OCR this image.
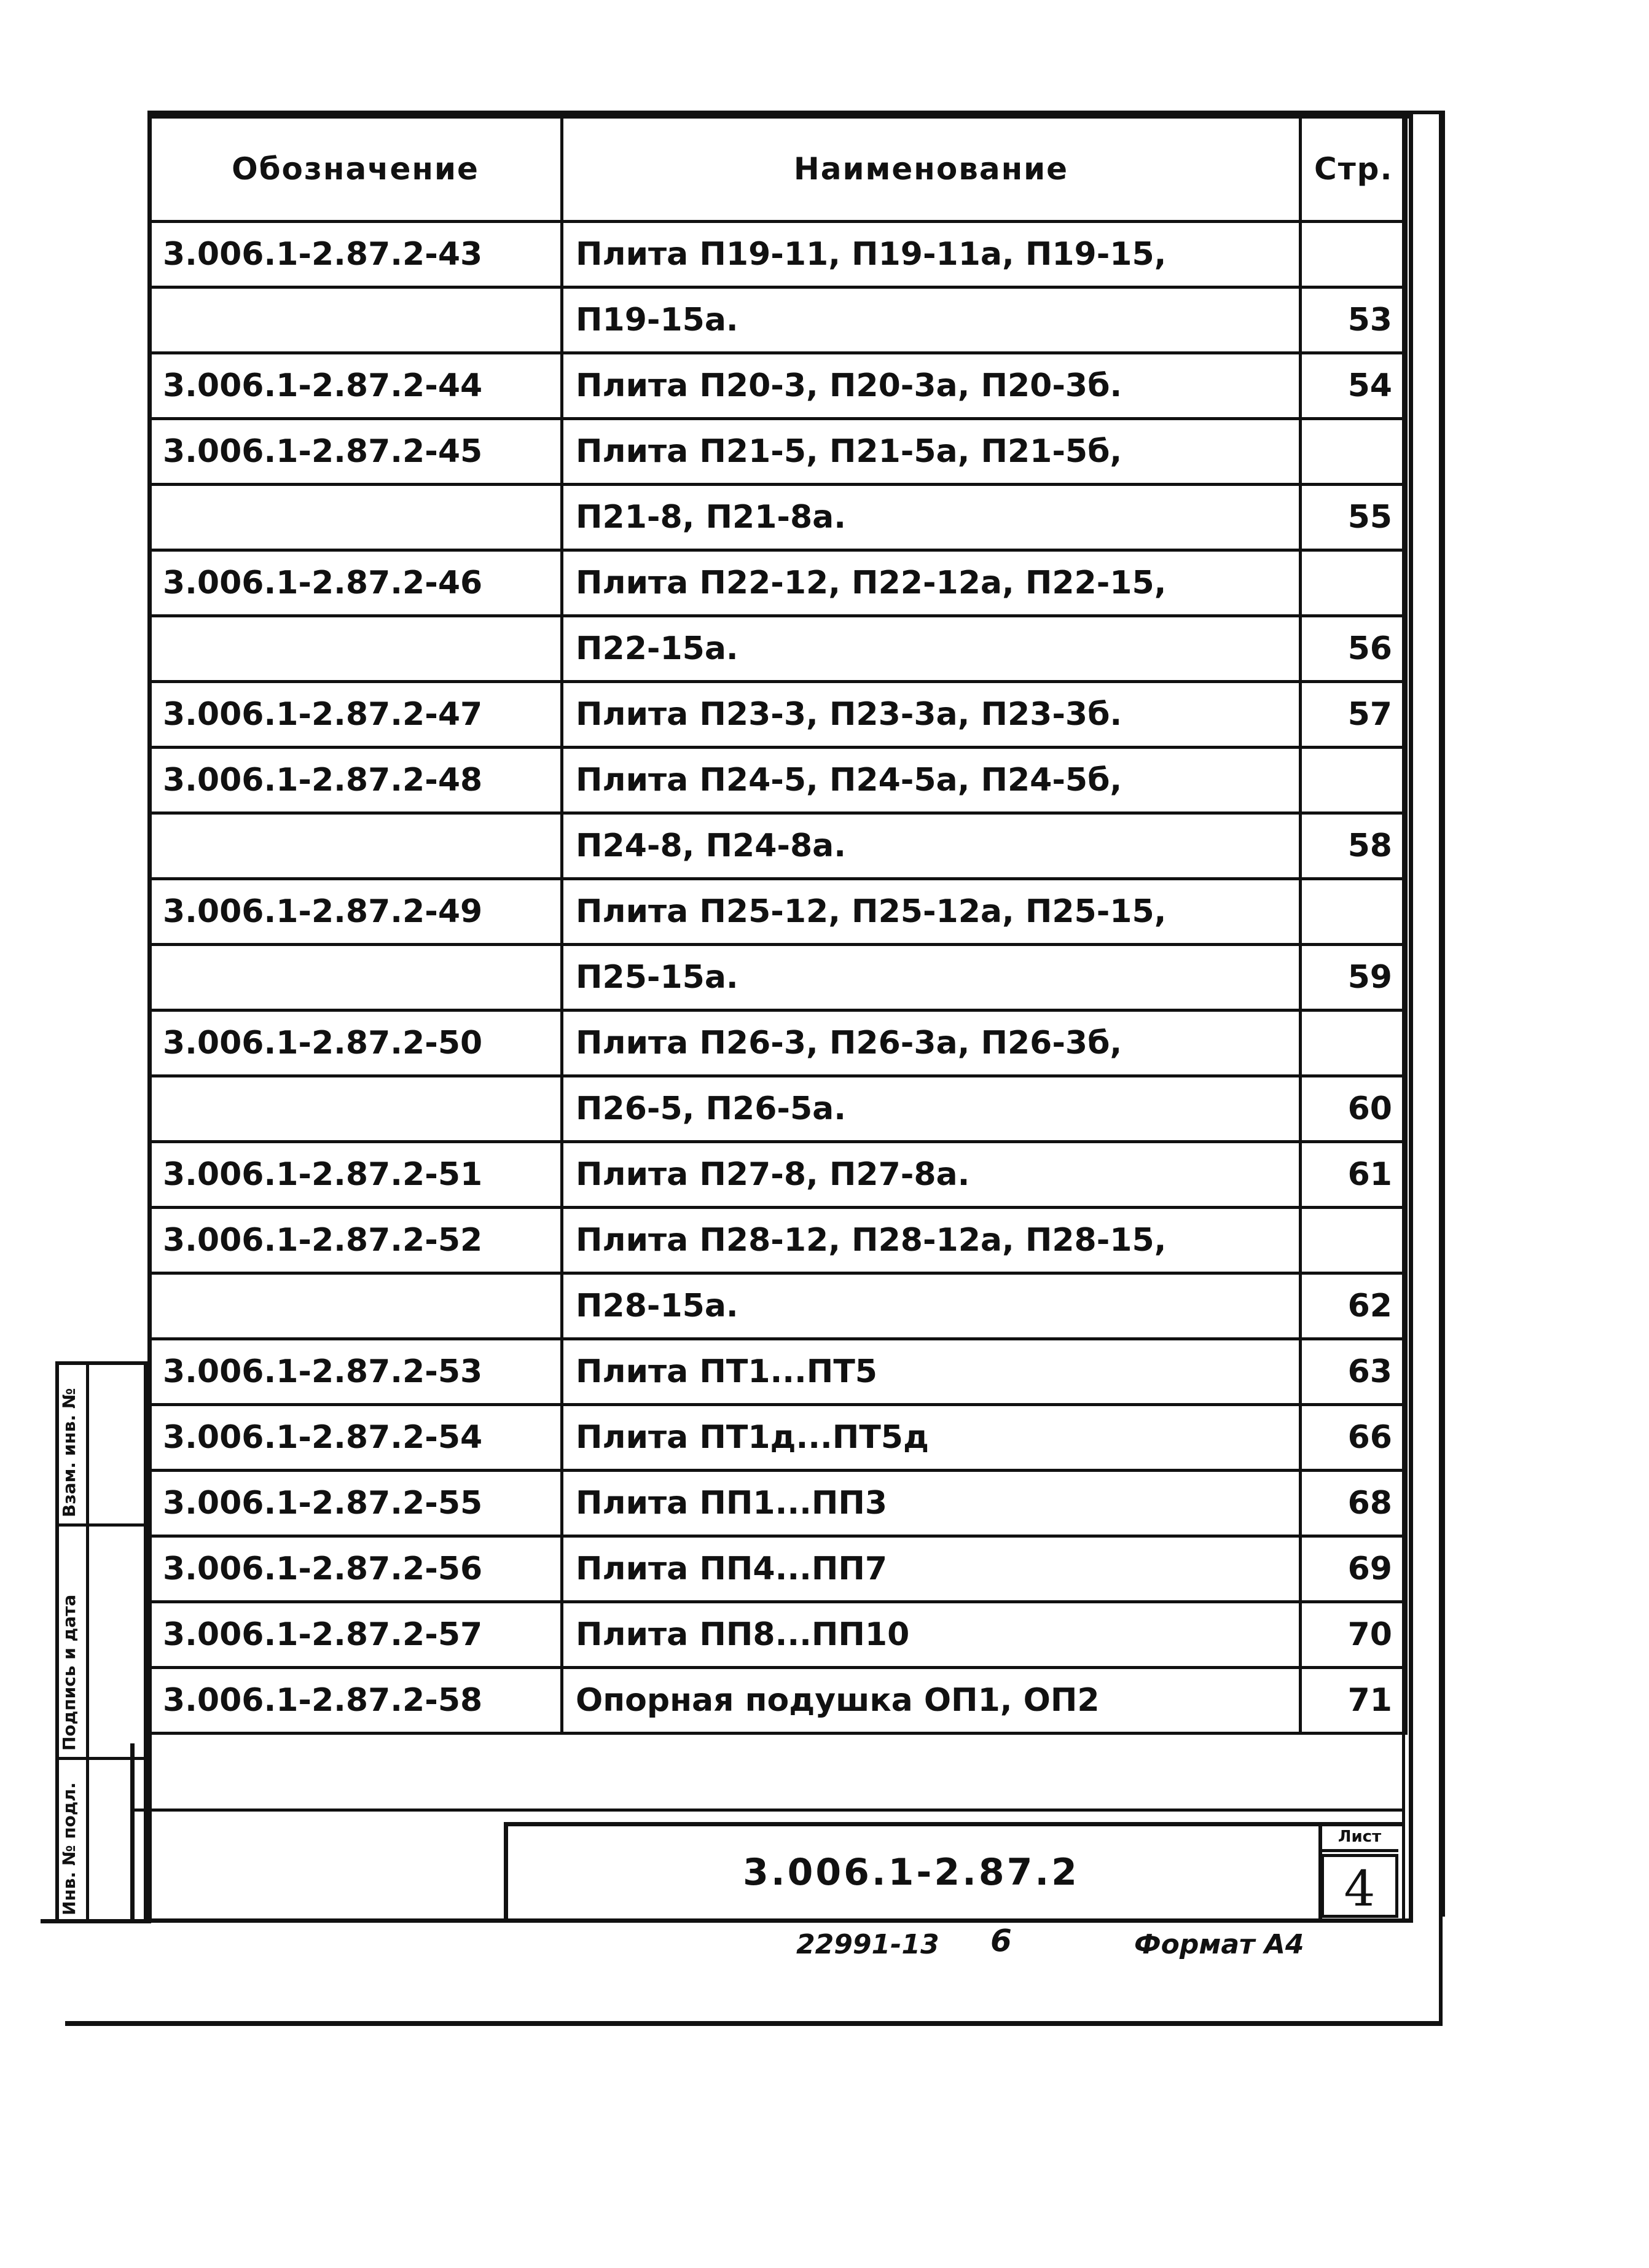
Обозначение	Наименование	Стр.
3.006.1-2.87.2-43	Плита П19-11, П19-11а, П19-15,	
	П19-15а.	53
3.006.1-2.87.2-44	Плита П20-3, П20-3а, П20-3б.	54
3.006.1-2.87.2-45	Плита П21-5, П21-5а, П21-5б,	
	П21-8, П21-8а.	55
3.006.1-2.87.2-46	Плита П22-12, П22-12а, П22-15,	
	П22-15а.	56
3.006.1-2.87.2-47	Плита П23-3, П23-3а, П23-3б.	57
3.006.1-2.87.2-48	Плита П24-5, П24-5а, П24-5б,	
	П24-8, П24-8а.	58
3.006.1-2.87.2-49	Плита П25-12, П25-12а, П25-15,	
	П25-15а.	59
3.006.1-2.87.2-50	Плита П26-3, П26-3а, П26-3б,	
	П26-5, П26-5а.	60
3.006.1-2.87.2-51	Плита П27-8, П27-8а.	61
3.006.1-2.87.2-52	Плита П28-12, П28-12а, П28-15,	
	П28-15а.	62
3.006.1-2.87.2-53	Плита ПТ1...ПТ5	63
3.006.1-2.87.2-54	Плита ПТ1д...ПТ5д	66
3.006.1-2.87.2-55	Плита ПП1...ПП3	68
3.006.1-2.87.2-56	Плита ПП4...ПП7	69
3.006.1-2.87.2-57	Плита ПП8...ПП10	70
3.006.1-2.87.2-58	Опорная подушка ОП1, ОП2	71
3.006.1-2.87.2
Лист
4
Взам. инв. №
Подпись и дата
Инв. № подл.
22991-13 6	Формат А4
